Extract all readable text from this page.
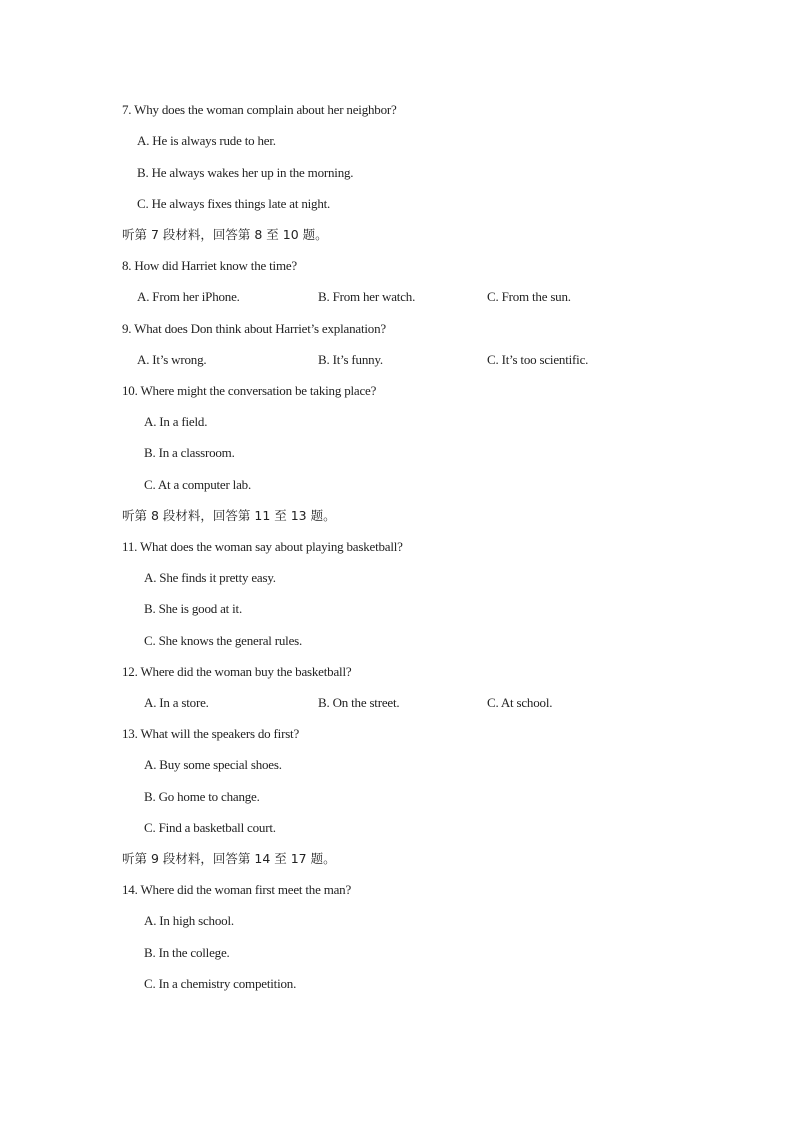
7. Why does the woman complain about her neighbor?
A. He is always rude to her.
B. He always wakes her up in the morning.
C. He always fixes things late at night.
听第 7 段材料，回答第 8 至 10 题。
8. How did Harriet know the time?
A. From her iPhone.	B. From her watch.	C. From the sun.
9. What does Don think about Harriet’s explanation?
A. It’s wrong.	B. It’s funny.	C. It’s too scientific.
10. Where might the conversation be taking place?
A. In a field.
B. In a classroom.
C. At a computer lab.
听第 8 段材料，回答第 11 至 13 题。
11. What does the woman say about playing basketball?
A. She finds it pretty easy.
B. She is good at it.
C. She knows the general rules.
12. Where did the woman buy the basketball?
A. In a store.	B. On the street.	C. At school.
13. What will the speakers do first?
A. Buy some special shoes.
B. Go home to change.
C. Find a basketball court.
听第 9 段材料，回答第 14 至 17 题。
14. Where did the woman first meet the man?
A. In high school.
B. In the college.
C. In a chemistry competition.
